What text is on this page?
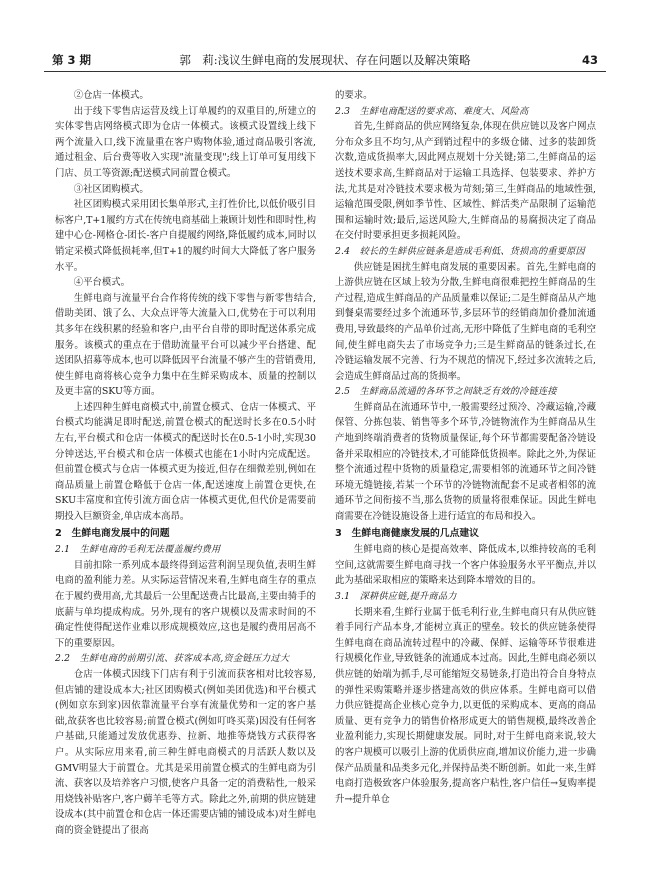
第 3 期	郭　莉:浅议生鲜电商的发展现状、存在问题以及解决策略	43

②仓店一体模式。

出于线下零售店运营及线上订单履约的双重目的,所建立的实体零售店网络模式即为仓店一体模式。该模式设置线上线下两个流量入口,线下流量重在客户购物体验,通过商品吸引客流,通过租金、后台费等收入实现"流量变现";线上订单可复用线下门店、员工等资源;配送模式同前置仓模式。

③社区团购模式。

社区团购模式采用团长集单形式,主打性价比,以低价吸引目标客户,T+1履约方式在传统电商基础上兼顾计划性和即时性,构建中心仓-网格仓-团长-客户自提履约网络,降低履约成本,同时以销定采模式降低损耗率,但T+1的履约时间大大降低了客户服务水平。

④平台模式。

生鲜电商与流量平台合作将传统的线下零售与新零售结合,借助美团、饿了么、大众点评等大流量入口,优势在于可以利用其多年在线积累的经验和客户,由平台自带的即时配送体系完成服务。该模式的重点在于借助流量平台可以减少平台搭建、配送团队招募等成本,也可以降低因平台流量不够产生的营销费用,使生鲜电商将核心竞争力集中在生鲜采购成本、质量的控制以及更丰富的SKU等方面。

上述四种生鲜电商模式中,前置仓模式、仓店一体模式、平台模式均能满足即时配送,前置仓模式的配送时长多在0.5小时左右,平台模式和仓店一体模式的配送时长在0.5-1小时,实现30分钟送达,平台模式和仓店一体模式也能在1小时内完成配送。但前置仓模式与仓店一体模式更为接近,但存在细微差别,例如在商品质量上前置仓略低于仓店一体,配送速度上前置仓更快,在SKU丰富度和宜传引流方面仓店一体模式更优,但代价是需要前期投入巨额资金,单店成本高昂。

2　生鲜电商发展中的问题

2.1　生鲜电商的毛利无法覆盖履约费用

目前扣除一系列成本最终得到运营利润呈现负值,表明生鲜电商的盈利能力差。从实际运营情况来看,生鲜电商生存的重点在于履约费用高,尤其最后一公里配送费占比最高,主要由骑手的底薪与单均提成构成。另外,现有的客户规模以及需求时间的不确定性使得配送作业难以形成规模效应,这也是履约费用居高不下的重要原因。

2.2　生鲜电商的前期引流、获客成本高,资金链压力过大

仓店一体模式因线下门店有利于引流而获客相对比较容易,但店铺的建设成本大;社区团购模式(例如美团优选)和平台模式(例如京东到家)因依靠流量平台享有流量优势和一定的客户基础,故获客也比较容易;前置仓模式(例如叮咚买菜)因没有任何客户基础,只能通过发放优惠券、拉新、地推等烧钱方式获得客户。从实际应用来看,前三种生鲜电商模式的月活跃人数以及GMV明显大于前置仓。尤其是采用前置仓模式的生鲜电商为引流、获客以及培养客户习惯,使客户具备一定的消费粘性,一般采用烧钱补贴客户,客户薅羊毛等方式。除此之外,前期的供应链建设成本(其中前置仓和仓店一体还需要店铺的铺设成本)对生鲜电商的资金链提出了很高

的要求。

2.3　生鲜电商配送的要求高、难度大、风险高

首先,生鲜商品的供应网络复杂,体现在供应链以及客户网点分布众多且不均匀,从产到销过程中的多级仓储、过多的装卸货次数,造成货损率大,因此网点规划十分关键;第二,生鲜商品的运送技术要求高,生鲜商品对于运输工具选择、包装要求、养护方法,尤其是对冷链技术要求极为苛刻;第三,生鲜商品的地域性强,运输范围受限,例如季节性、区域性、鲜活类产品限制了运输范围和运输时效;最后,运送风险大,生鲜商品的易腐损决定了商品在交付时要承担更多损耗风险。

2.4　较长的生鲜供应链条是造成毛利低、货损高的重要原因

供应链是困扰生鲜电商发展的重要因素。首先,生鲜电商的上游供应链在区域上较为分散,生鲜电商很难把控生鲜商品的生产过程,造成生鲜商品的产品质量难以保证;二是生鲜商品从产地到餐桌需要经过多个流通环节,多层环节的经销商加价叠加流通费用,导致最终的产品单价过高,无形中降低了生鲜电商的毛利空间,使生鲜电商失去了市场竞争力;三是生鲜商品的链条过长,在冷链运输发展不完善、行为不规范的情况下,经过多次流转之后,会造成生鲜商品过高的货损率。

2.5　生鲜商品流通的各环节之间缺乏有效的冷链连接

生鲜商品在流通环节中,一般需要经过预冷、冷藏运输,冷藏保管、分拣包装、销售等多个环节,冷链物流作为生鲜商品从生产地到终端消费者的货物质量保证,每个环节都需要配备冷链设备并采取相应的冷链技术,才可能降低货损率。除此之外,为保证整个流通过程中货物的质量稳定,需要相邻的流通环节之间冷链环境无缝链接,若某一个环节的冷链物流配套不足或者相邻的流通环节之间衔接不当,那么货物的质量将很难保证。因此生鲜电商需要在冷链设施设备上进行适宜的布局和投入。

3　生鲜电商健康发展的几点建议

生鲜电商的核心是提高效率、降低成本,以维持较高的毛利空间,这就需要生鲜电商寻找一个客户体验服务水平平衡点,并以此为基础采取相应的策略来达到降本增效的目的。

3.1　深耕供应链,提升商品力

长期来看,生鲜行业属于低毛利行业,生鲜电商只有从供应链着手同行产品本身,才能树立真正的壁垒。较长的供应链条使得生鲜电商在商品流转过程中的冷藏、保鲜、运输等环节很难进行规模化作业,导致链条的流通成本过高。因此,生鲜电商必须以供应链的始端为抓手,尽可能缩短交易链条,打造出符合自身特点的弹性采购策略并逐步搭建高效的供应体系。生鲜电商可以借力供应链提高企业核心竞争力,以更低的采购成本、更高的商品质量、更有竞争力的销售价格形成更大的销售规模,最终改善企业盈利能力,实现长期健康发展。同时,对于生鲜电商来说,较大的客户规模可以吸引上游的优质供应商,增加议价能力,进一步确保产品质量和品类多元化,并保持品类不断创新。如此一来,生鲜电商打造极致客户体验服务,提高客户粘性,客户信任→复购率提升→提升单仓
